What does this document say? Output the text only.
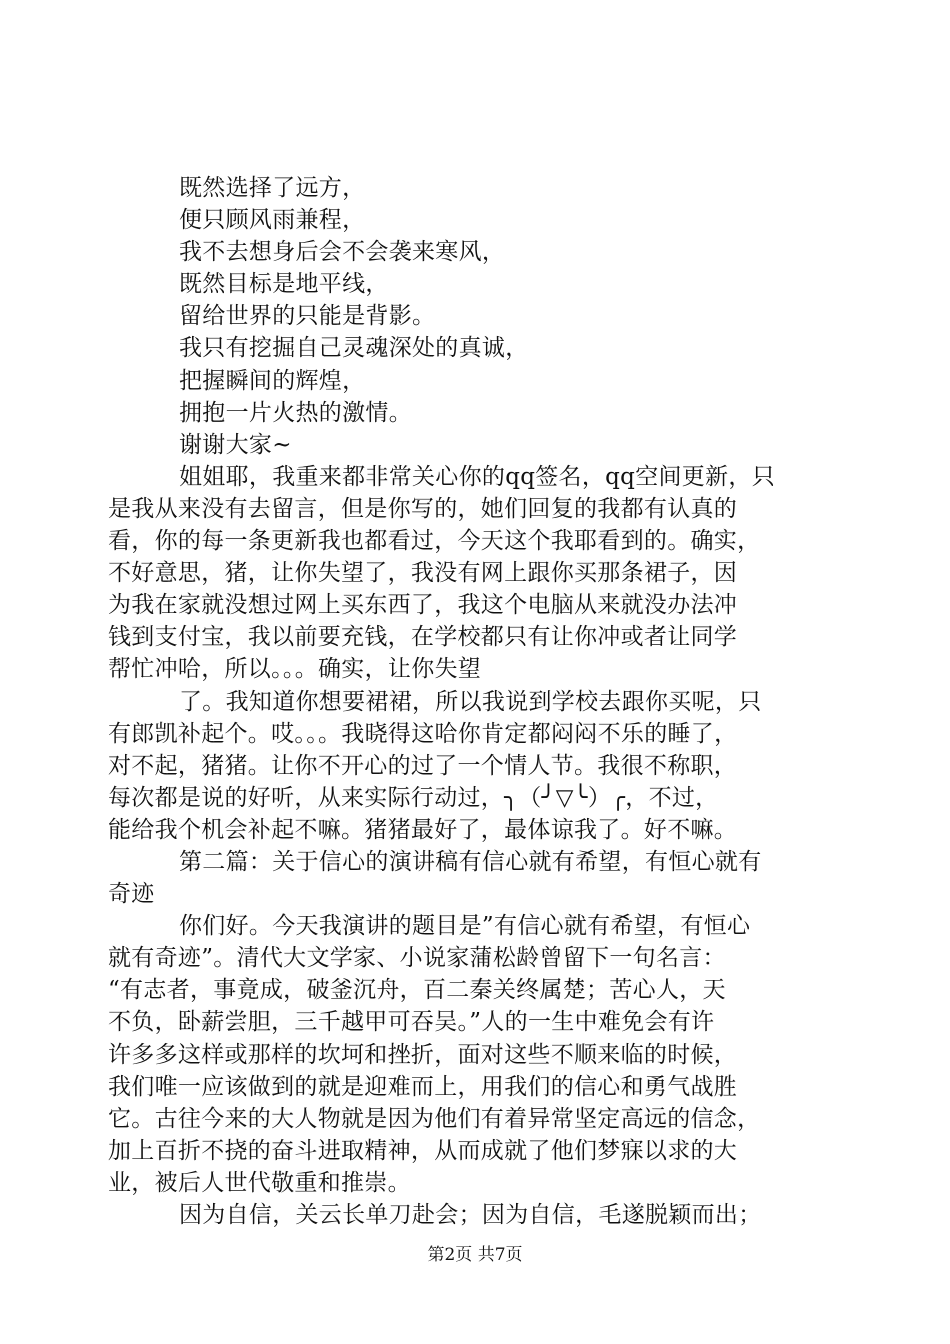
既然选择了远方，
便只顾风雨兼程，
我不去想身后会不会袭来寒风，
既然目标是地平线，
留给世界的只能是背影。
我只有挖掘自己灵魂深处的真诚，
把握瞬间的辉煌，
拥抱一片火热的激情。
谢谢大家~
姐姐耶，我重来都非常关心你的qq签名，qq空间更新，只
是我从来没有去留言，但是你写的，她们回复的我都有认真的
看，你的每一条更新我也都看过，今天这个我耶看到的。确实，
不好意思，猪，让你失望了，我没有网上跟你买那条裙子，因
为我在家就没想过网上买东西了，我这个电脑从来就没办法冲
钱到支付宝，我以前要充钱，在学校都只有让你冲或者让同学
帮忙冲哈，所以。。。确实，让你失望
了。我知道你想要裙裙，所以我说到学校去跟你买呢，只
有郎凯补起个。哎。。。我晓得这哈你肯定都闷闷不乐的睡了，
对不起，猪猪。让你不开心的过了一个情人节。我很不称职，
每次都是说的好听，从来实际行动过，╮（╯▽╰）╭，不过，
能给我个机会补起不嘛。猪猪最好了，最体谅我了。好不嘛。
第二篇：关于信心的演讲稿有信心就有希望，有恒心就有
奇迹
你们好。今天我演讲的题目是”有信心就有希望，有恒心
就有奇迹”。清代大文学家、小说家蒲松龄曾留下一句名言：
“有志者，事竟成，破釜沉舟，百二秦关终属楚；苦心人，天
不负，卧薪尝胆，三千越甲可吞吴。”人的一生中难免会有许
许多多这样或那样的坎坷和挫折，面对这些不顺来临的时候，
我们唯一应该做到的就是迎难而上，用我们的信心和勇气战胜
它。古往今来的大人物就是因为他们有着异常坚定高远的信念，
加上百折不挠的奋斗进取精神，从而成就了他们梦寐以求的大
业，被后人世代敬重和推崇。
因为自信，关云长单刀赴会；因为自信，毛遂脱颖而出；
第2页 共7页
